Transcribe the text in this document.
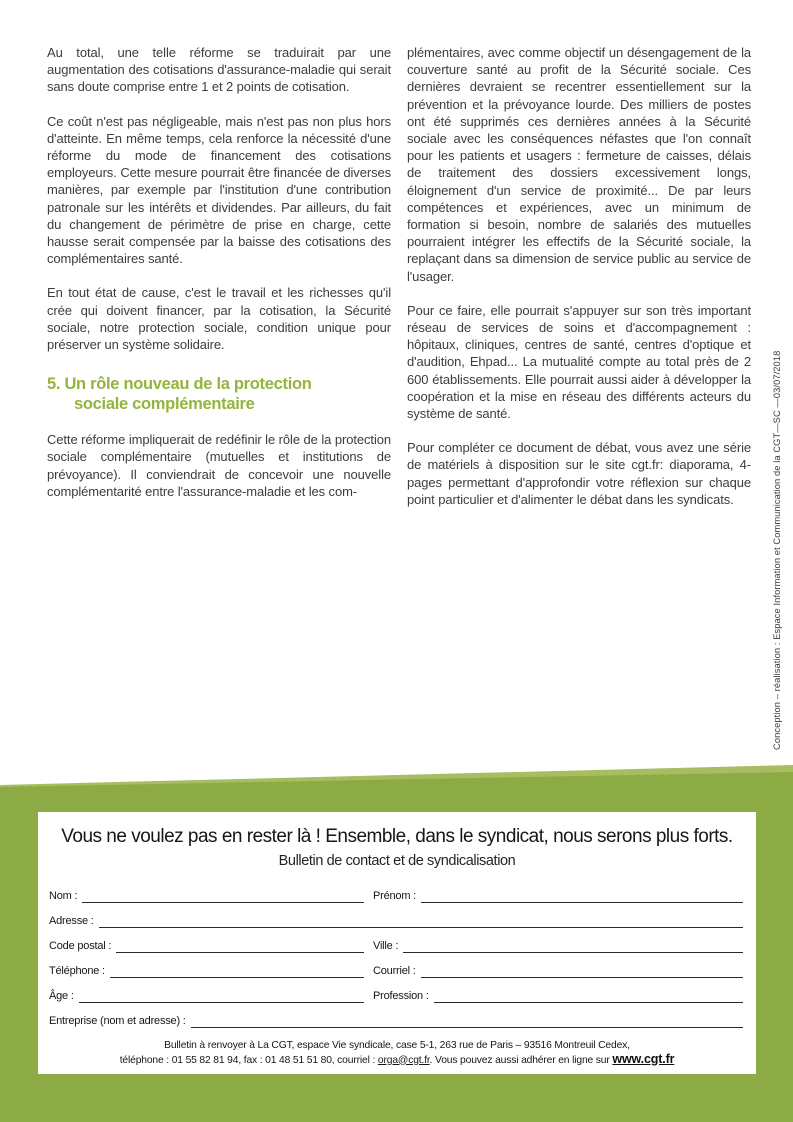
Au total, une telle réforme se traduirait par une augmentation des cotisations d'assurance-maladie qui serait sans doute comprise entre 1 et 2 points de cotisation.

Ce coût n'est pas négligeable, mais n'est pas non plus hors d'atteinte. En même temps, cela renforce la nécessité d'une réforme du mode de financement des cotisations employeurs. Cette mesure pourrait être financée de diverses manières, par exemple par l'institution d'une contribution patronale sur les intérêts et dividendes. Par ailleurs, du fait du changement de périmètre de prise en charge, cette hausse serait compensée par la baisse des cotisations des complémentaires santé.

En tout état de cause, c'est le travail et les richesses qu'il crée qui doivent financer, par la cotisation, la Sécurité sociale, notre protection sociale, condition unique pour préserver un système solidaire.

5. Un rôle nouveau de la protection
sociale complémentaire

Cette réforme impliquerait de redéfinir le rôle de la protection sociale complémentaire (mutuelles et institutions de prévoyance). Il conviendrait de concevoir une nouvelle complémentarité entre l'assurance-maladie et les com-

plémentaires, avec comme objectif un désengagement de la couverture santé au profit de la Sécurité sociale. Ces dernières devraient se recentrer essentiellement sur la prévention et la prévoyance lourde. Des milliers de postes ont été supprimés ces dernières années à la Sécurité sociale avec les conséquences néfastes que l'on connaît pour les patients et usagers : fermeture de caisses, délais de traitement des dossiers excessivement longs, éloignement d'un service de proximité... De par leurs compétences et expériences, avec un minimum de formation si besoin, nombre de salariés des mutuelles pourraient intégrer les effectifs de la Sécurité sociale, la replaçant dans sa dimension de service public au service de l'usager.

Pour ce faire, elle pourrait s'appuyer sur son très important réseau de services de soins et d'accompagnement : hôpitaux, cliniques, centres de santé, centres d'optique et d'audition, Ehpad... La mutualité compte au total près de 2 600 établissements. Elle pourrait aussi aider à développer la coopération et la mise en réseau des différents acteurs du système de santé.

Pour compléter ce document de débat, vous avez une série de matériels à disposition sur le site cgt.fr: diaporama, 4-pages permettant d'approfondir votre réflexion sur chaque point particulier et d'alimenter le débat dans les syndicats.	Conception – réalisation : Espace Information et Communication de la CGT—SC —03/07/2018
Vous ne voulez pas en rester là ! Ensemble, dans le syndicat, nous serons plus forts.
Bulletin de contact et de syndicalisation
Nom :	Prénom :
Adresse :
Code postal :	Ville :
Téléphone :	Courriel :
Âge :	Profession :
Entreprise (nom et adresse) :
Bulletin à renvoyer à La CGT, espace Vie syndicale, case 5-1, 263 rue de Paris – 93516 Montreuil Cedex,
téléphone : 01 55 82 81 94, fax : 01 48 51 51 80, courriel : orga@cgt.fr. Vous pouvez aussi adhérer en ligne sur www.cgt.fr
